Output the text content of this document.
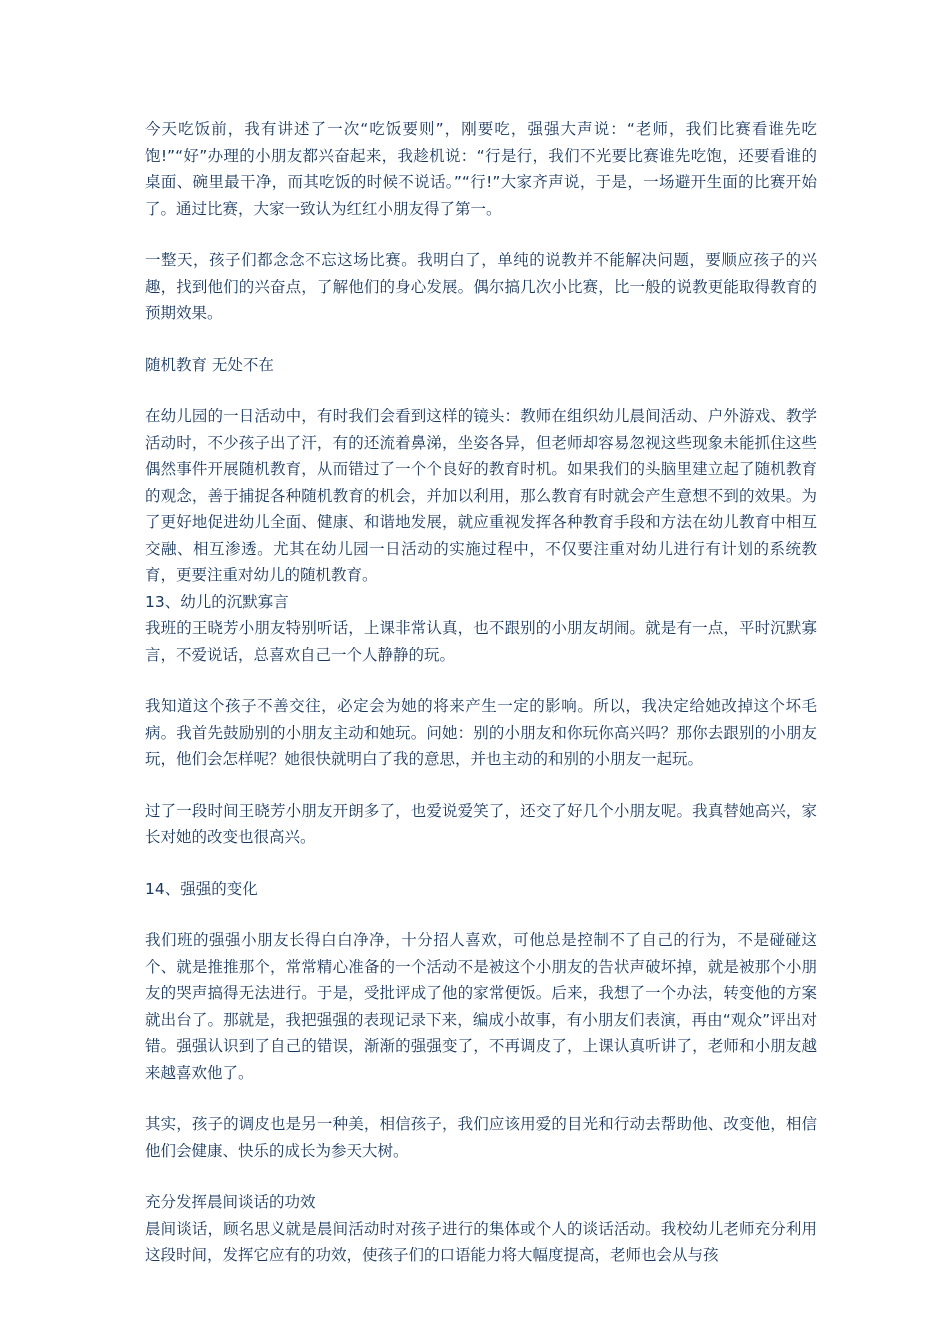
今天吃饭前，我有讲述了一次“吃饭要则”，刚要吃，强强大声说：“老师，我们比赛看谁先吃饱!”“好”办理的小朋友都兴奋起来，我趁机说：“行是行，我们不光要比赛谁先吃饱，还要看谁的桌面、碗里最干净，而其吃饭的时候不说话。”“行!”大家齐声说，于是，一场避开生面的比赛开始了。通过比赛，大家一致认为红红小朋友得了第一。

一整天，孩子们都念念不忘这场比赛。我明白了，单纯的说教并不能解决问题，要顺应孩子的兴趣，找到他们的兴奋点，了解他们的身心发展。偶尔搞几次小比赛，比一般的说教更能取得教育的预期效果。

随机教育 无处不在

在幼儿园的一日活动中，有时我们会看到这样的镜头：教师在组织幼儿晨间活动、户外游戏、教学活动时，不少孩子出了汗，有的还流着鼻涕，坐姿各异，但老师却容易忽视这些现象未能抓住这些偶然事件开展随机教育，从而错过了一个个良好的教育时机。如果我们的头脑里建立起了随机教育的观念，善于捕捉各种随机教育的机会，并加以利用，那么教育有时就会产生意想不到的效果。为了更好地促进幼儿全面、健康、和谐地发展，就应重视发挥各种教育手段和方法在幼儿教育中相互交融、相互渗透。尤其在幼儿园一日活动的实施过程中，不仅要注重对幼儿进行有计划的系统教育，更要注重对幼儿的随机教育。

13、幼儿的沉默寡言

我班的王晓芳小朋友特别听话，上课非常认真，也不跟别的小朋友胡闹。就是有一点，平时沉默寡言，不爱说话，总喜欢自己一个人静静的玩。

我知道这个孩子不善交往，必定会为她的将来产生一定的影响。所以，我决定给她改掉这个坏毛病。我首先鼓励别的小朋友主动和她玩。问她：别的小朋友和你玩你高兴吗？那你去跟别的小朋友玩，他们会怎样呢？她很快就明白了我的意思，并也主动的和别的小朋友一起玩。

过了一段时间王晓芳小朋友开朗多了，也爱说爱笑了，还交了好几个小朋友呢。我真替她高兴，家长对她的改变也很高兴。

14、强强的变化

我们班的强强小朋友长得白白净净，十分招人喜欢，可他总是控制不了自己的行为，不是碰碰这个、就是推推那个，常常精心准备的一个活动不是被这个小朋友的告状声破坏掉，就是被那个小朋友的哭声搞得无法进行。于是，受批评成了他的家常便饭。后来，我想了一个办法，转变他的方案就出台了。那就是，我把强强的表现记录下来，编成小故事，有小朋友们表演，再由“观众”评出对错。强强认识到了自己的错误，渐渐的强强变了，不再调皮了，上课认真听讲了，老师和小朋友越来越喜欢他了。

其实，孩子的调皮也是另一种美，相信孩子，我们应该用爱的目光和行动去帮助他、改变他，相信他们会健康、快乐的成长为参天大树。

充分发挥晨间谈话的功效

晨间谈话，顾名思义就是晨间活动时对孩子进行的集体或个人的谈话活动。我校幼儿老师充分利用这段时间，发挥它应有的功效，使孩子们的口语能力将大幅度提高，老师也会从与孩
